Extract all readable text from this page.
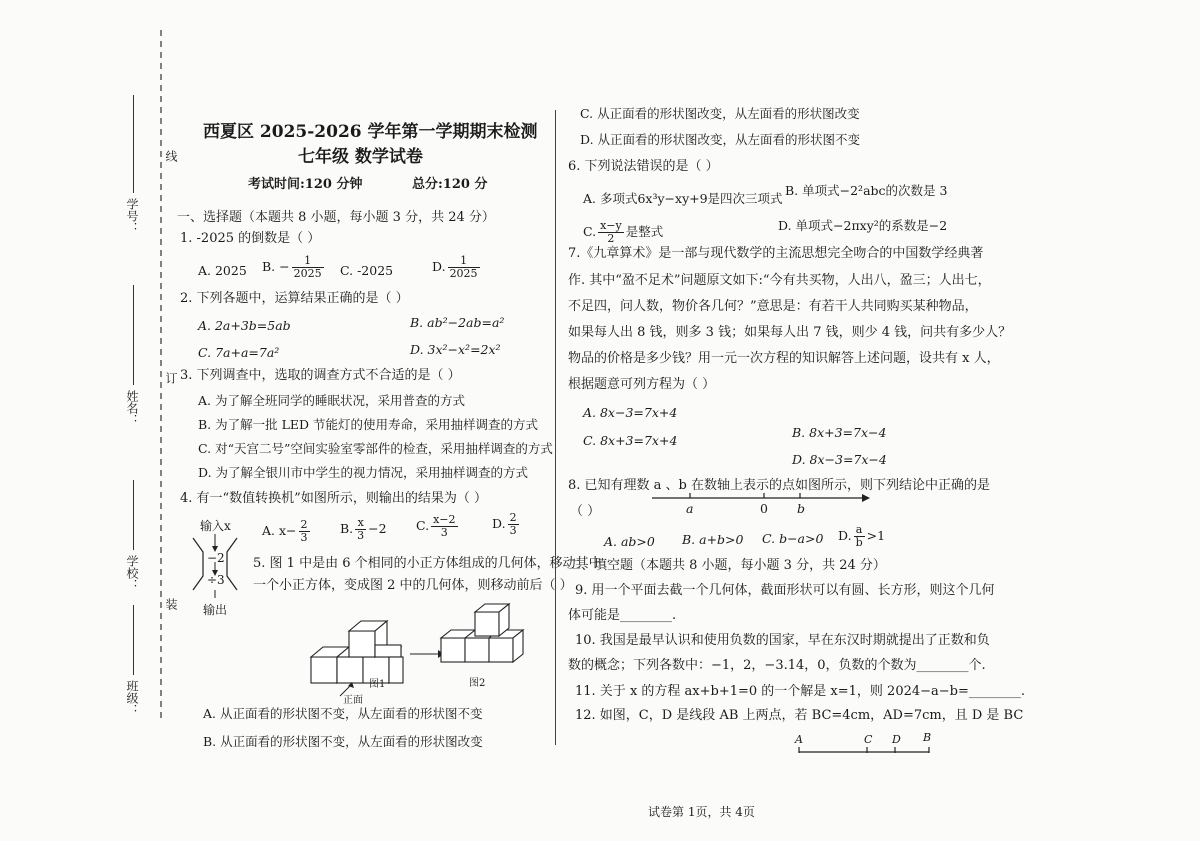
线
订
装
学号：
姓名：
学校：
班级：
西夏区 2025-2026 学年第一学期期末检测
七年级 数学试卷
考试时间:120 分钟	总分:120 分
一、选择题（本题共 8 小题，每小题 3 分，共 24 分）
1. -2025 的倒数是（ ）
A. 2025 B. − $\frac{1}{2025} C$. -2025	D. $\frac{1}{2025}$
2. 下列各题中，运算结果正确的是（ ）
A. 2a+3b=5ab	B. ab²−2ab=a²
C. 7a+a=7a²	D. 3x²−x²=2x²
3. 下列调查中，选取的调查方式不合适的是（ ）
A. 为了解全班同学的睡眠状况，采用普查的方式
B. 为了解一批 LED 节能灯的使用寿命，采用抽样调查的方式
C. 对“天宫二号”空间实验室零部件的检查，采用抽样调查的方式
D. 为了解全银川市中学生的视力情况，采用抽样调查的方式
4. 有一“数值转换机”如图所示，则输出的结果为（ ）
输入x
−2
÷3
输出
A. $x- \frac{2}{3} B$. $\frac{x}{3} -2$ C. $\frac{x-2}{3}$	D. $\frac{2}{3}$
5. 图 1 中是由 6 个相同的小正方体组成的几何体，移动其中
一个小正方体，变成图 2 中的几何体，则移动前后（ ）
正面
图1	图2
A. 从正面看的形状图不变，从左面看的形状图不变
B. 从正面看的形状图不变，从左面看的形状图改变
C. 从正面看的形状图改变，从左面看的形状图改变
D. 从正面看的形状图改变，从左面看的形状图不变
6. 下列说法错误的是（ ）
A. 多项式6x³y−xy+9是四次三项式
B. 单项式−2²abc的次数是 3
C. $\frac{x-y}{2}$ 是整式	D. 单项式−2πxy²的系数是−2
7.《九章算术》是一部与现代数学的主流思想完全吻合的中国数学经典著
作. 其中“盈不足术”问题原文如下:“今有共买物，人出八，盈三；人出七，
不足四，问人数，物价各几何？”意思是：有若干人共同购买某种物品，
如果每人出 8 钱，则多 3 钱；如果每人出 7 钱，则少 4 钱，问共有多少人？
物品的价格是多少钱？用一元一次方程的知识解答上述问题，设共有 x 人，
根据题意可列方程为（ ）
A. 8x−3=7x+4
B. 8x+3=7x−4
C. 8x+3=7x+4
D. 8x−3=7x−4
8. 已知有理数 a 、b 在数轴上表示的点如图所示，则下列结论中正确的是
（ ）	a	0 b
A. ab>0 B. a+b>0 C. b−a>0 D. $\frac{a}{b} >1$
二、填空题（本题共 8 小题，每小题 3 分，共 24 分）
9. 用一个平面去截一个几何体，截面形状可以有圆、长方形，则这个几何
体可能是________.
10. 我国是最早认识和使用负数的国家，早在东汉时期就提出了正数和负
数的概念；下列各数中：−1，2，−3.14，0，负数的个数为________个.
11. 关于 x 的方程 ax+b+1=0 的一个解是 x=1，则 2024−a−b=________.
12. 如图，C，D 是线段 AB 上两点，若 BC=4cm，AD=7cm，且 D 是 BC
A	C D B
试卷第 1页，共 4页
